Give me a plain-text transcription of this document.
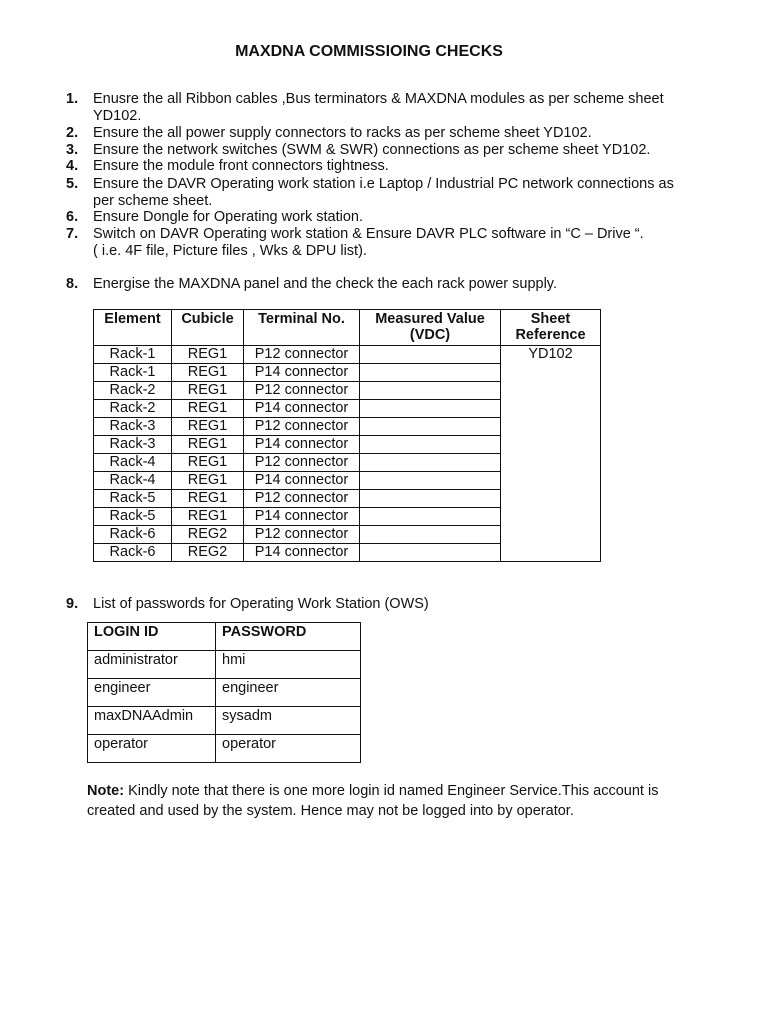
MAXDNA COMMISSIOING CHECKS
1.	Enusre the all Ribbon cables ,Bus terminators & MAXDNA modules as per scheme sheet
YD102.
2.	Ensure the all power supply connectors to racks as per scheme sheet YD102.
3.	Ensure the network switches (SWM & SWR) connections as per scheme sheet YD102.
4.	Ensure the module front connectors tightness.
5.	Ensure the DAVR Operating work station i.e Laptop / Industrial PC network connections as
per scheme sheet.
6.	Ensure Dongle for Operating work station.
7.	Switch on DAVR Operating work station & Ensure DAVR PLC software in “C – Drive “.
( i.e. 4F file, Picture files , Wks & DPU list).
8.	Energise the MAXDNA panel and the check the each rack power supply.
Element	Cubicle	Terminal No.	Measured Value (VDC)	Sheet Reference
Rack-1	REG1	P12 connector		YD102
Rack-1	REG1	P14 connector		
Rack-2	REG1	P12 connector		
Rack-2	REG1	P14 connector		
Rack-3	REG1	P12 connector		
Rack-3	REG1	P14 connector		
Rack-4	REG1	P12 connector		
Rack-4	REG1	P14 connector		
Rack-5	REG1	P12 connector		
Rack-5	REG1	P14 connector		
Rack-6	REG2	P12 connector		
Rack-6	REG2	P14 connector		
9.	List of passwords for Operating Work Station (OWS)
LOGIN ID	PASSWORD
administrator	hmi
engineer	engineer
maxDNAAdmin	sysadm
operator	operator
Note: Kindly note that there is one more login id named Engineer Service.This account is
created and used by the system. Hence may not be logged into by operator.
